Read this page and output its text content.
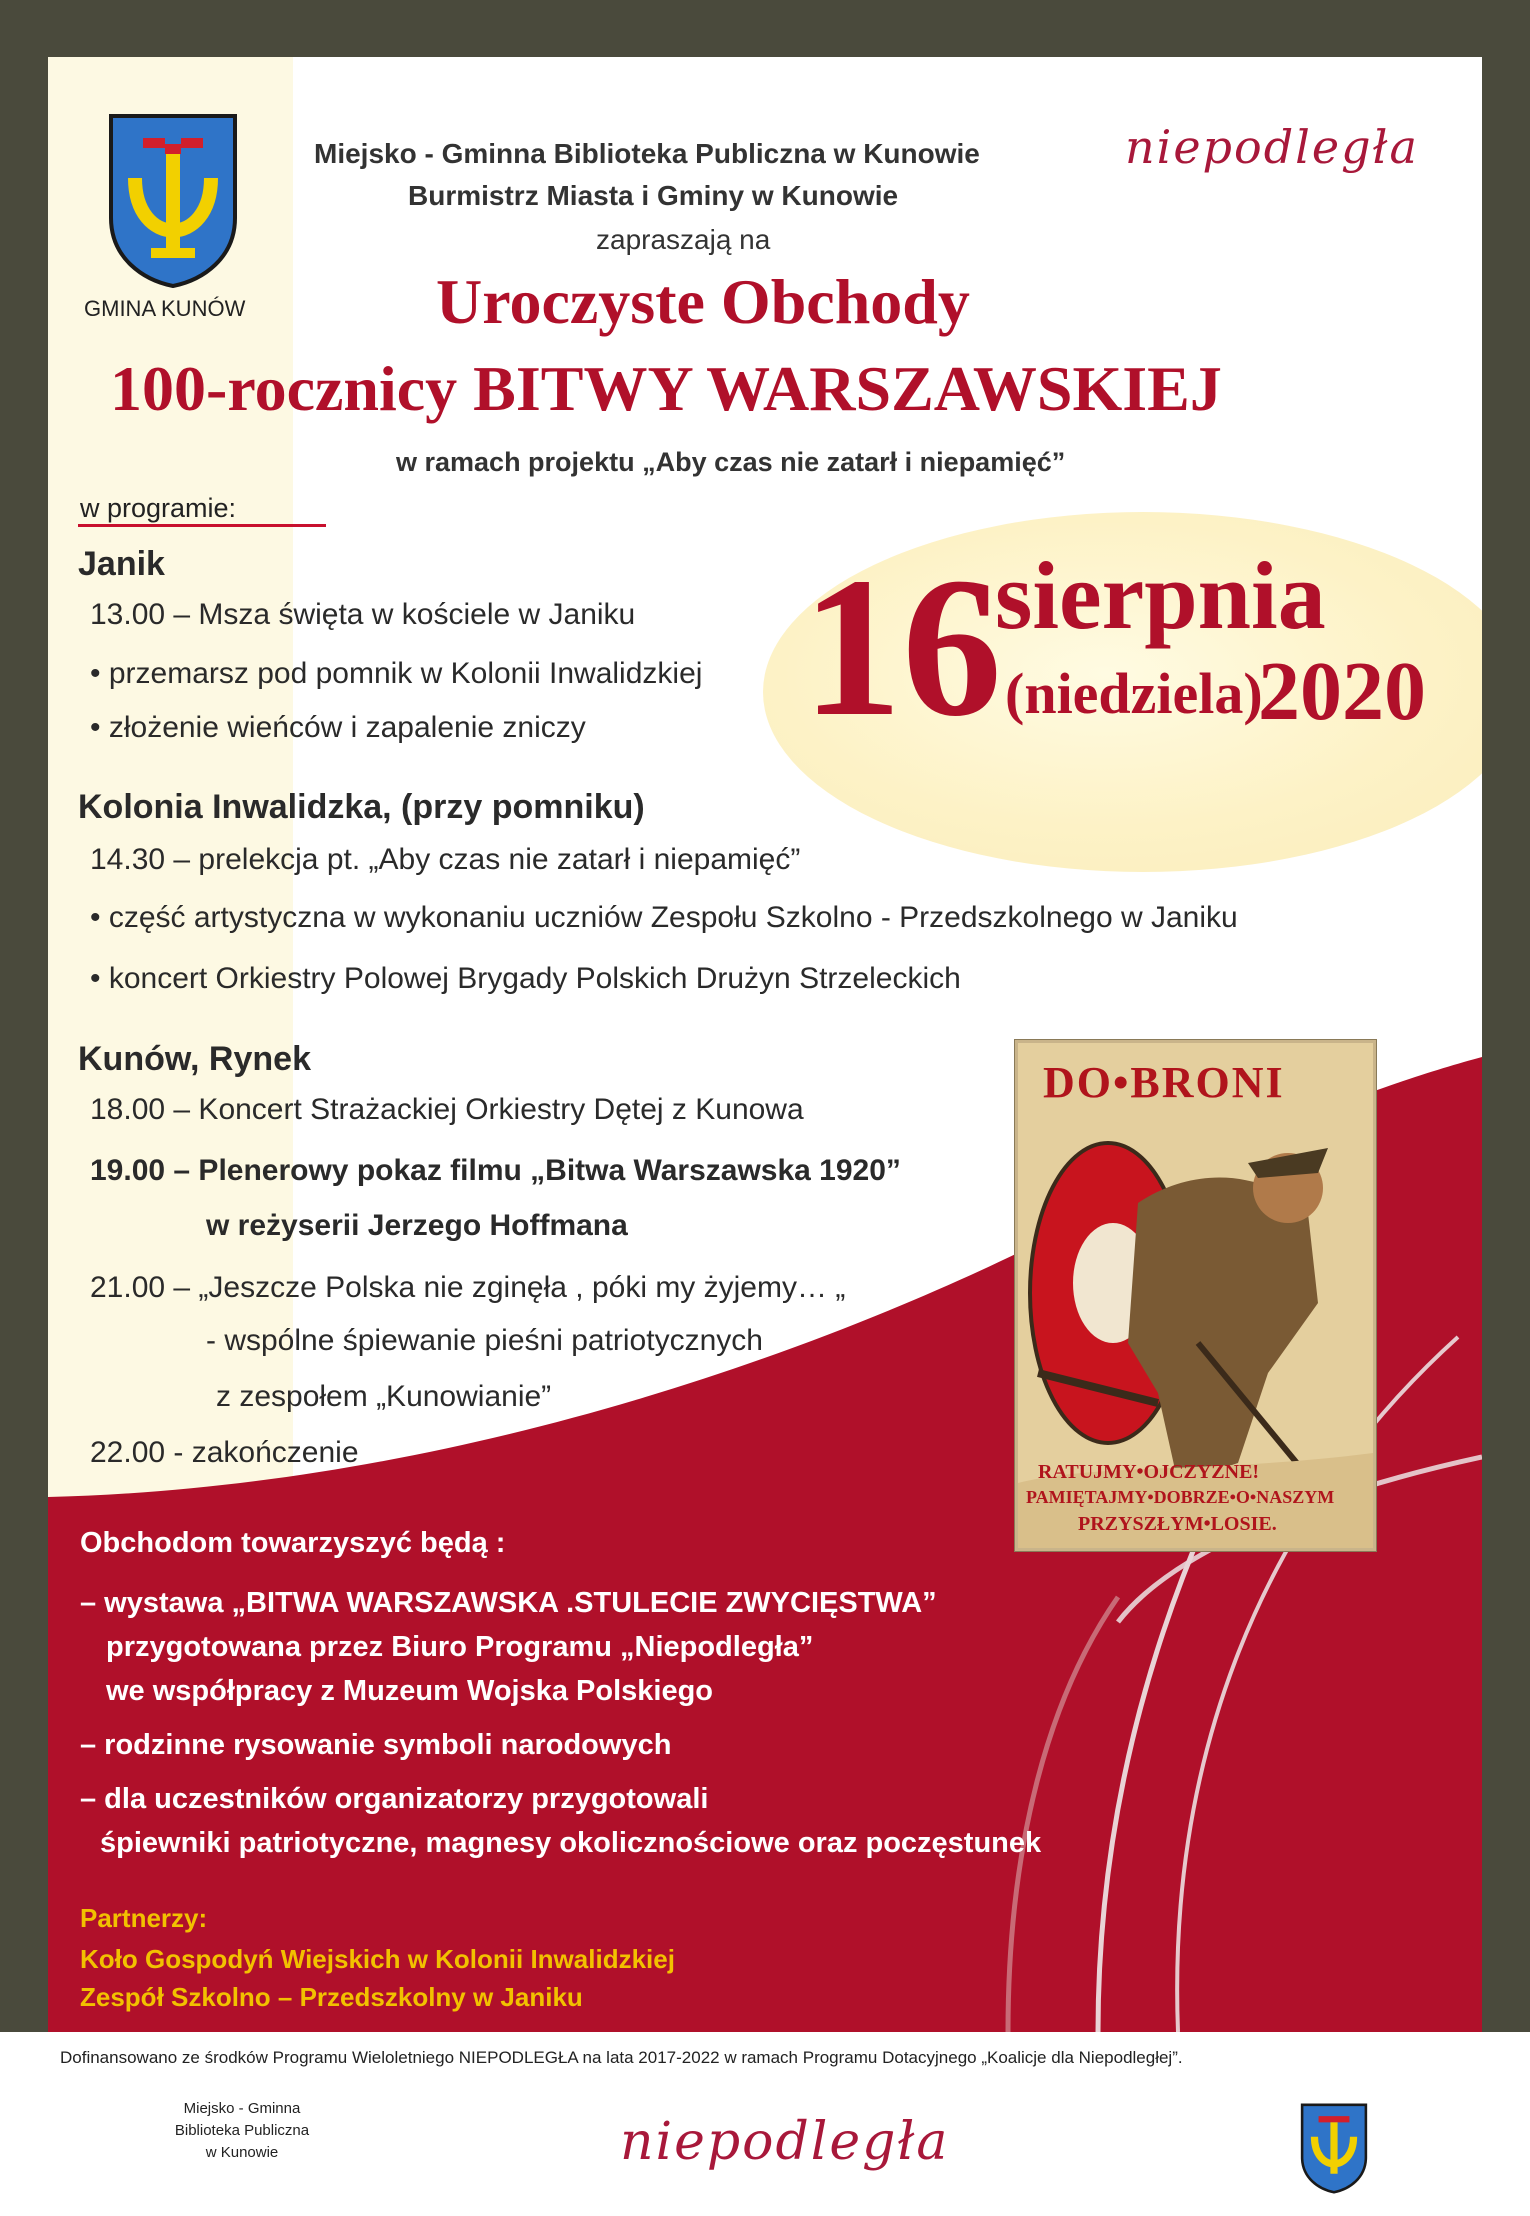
GMINA KUNÓW
Miejsko - Gminna Biblioteka Publiczna w Kunowie
Burmistrz Miasta i Gminy w Kunowie
zapraszają na
niepodległa
Uroczyste Obchody
100-rocznicy BITWY WARSZAWSKIEJ
w ramach projektu „Aby czas nie zatarł i niepamięć”
w programie:
16
sierpnia
(niedziela)
2020
Janik
13.00 – Msza święta w kościele w Janiku
• przemarsz pod pomnik w Kolonii Inwalidzkiej
• złożenie wieńców i zapalenie zniczy
Kolonia Inwalidzka, (przy pomniku)
14.30 – prelekcja pt. „Aby czas nie zatarł i niepamięć”
• część artystyczna w wykonaniu uczniów Zespołu Szkolno - Przedszkolnego w Janiku
• koncert Orkiestry Polowej Brygady Polskich Drużyn Strzeleckich
Kunów, Rynek
18.00 – Koncert Strażackiej Orkiestry Dętej z Kunowa
19.00 – Plenerowy pokaz filmu „Bitwa Warszawska 1920”
w reżyserii Jerzego Hoffmana
21.00 – „Jeszcze Polska nie zginęła , póki my żyjemy… „
- wspólne śpiewanie pieśni patriotycznych
z zespołem „Kunowianie”
22.00 - zakończenie
DO•BRONI
RATUJMY•OJCZYZNE!
PAMIĘTAJMY•DOBRZE•O•NASZYM
PRZYSZŁYM•LOSIE.
Obchodom towarzyszyć będą :
– wystawa „BITWA WARSZAWSKA .STULECIE ZWYCIĘSTWA”
przygotowana przez Biuro Programu „Niepodległa”
we współpracy z Muzeum Wojska Polskiego
– rodzinne rysowanie symboli narodowych
– dla uczestników organizatorzy przygotowali
śpiewniki patriotyczne, magnesy okolicznościowe oraz poczęstunek
Partnerzy:
Koło Gospodyń Wiejskich w Kolonii Inwalidzkiej
Zespół Szkolno – Przedszkolny w Janiku
Dofinansowano ze środków Programu Wieloletniego NIEPODLEGŁA na lata 2017-2022 w ramach Programu Dotacyjnego „Koalicje dla Niepodległej”.
Miejsko - Gminna
Biblioteka Publiczna
w Kunowie	niepodległa
